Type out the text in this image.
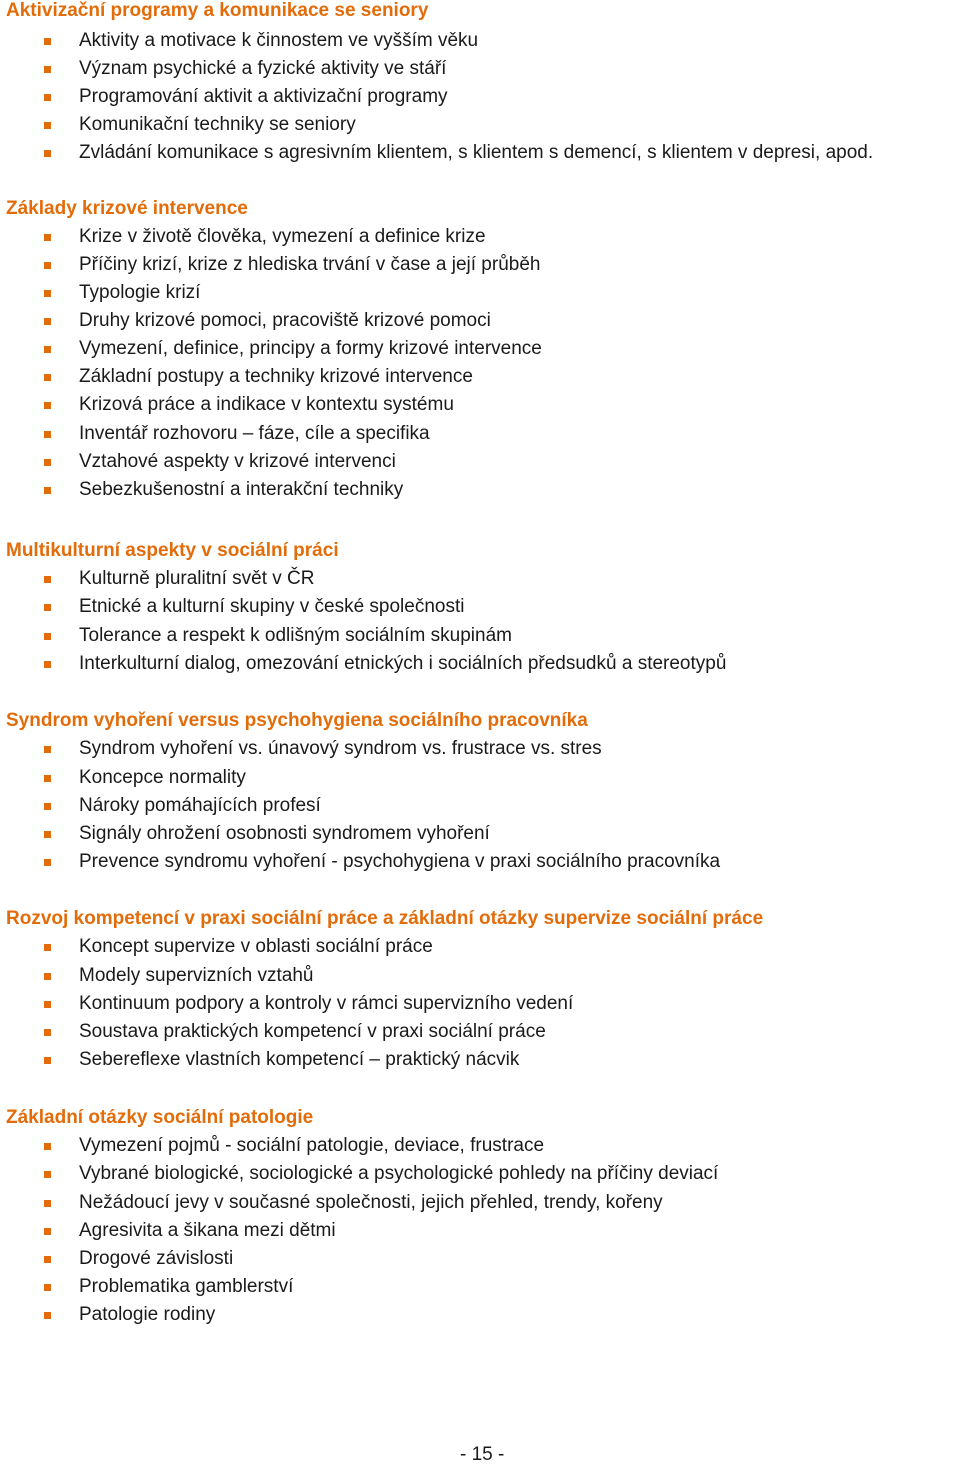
Aktivizační programy a komunikace se seniory
Aktivity a motivace k činnostem ve vyšším věku
Význam psychické a fyzické aktivity ve stáří
Programování aktivit a aktivizační programy
Komunikační techniky se seniory
Zvládání komunikace s agresivním klientem, s klientem s demencí, s klientem v depresi, apod.
Základy krizové intervence
Krize v životě člověka, vymezení a definice krize
Příčiny krizí, krize z hlediska trvání v čase a její průběh
Typologie krizí
Druhy krizové pomoci, pracoviště krizové pomoci
Vymezení, definice, principy a formy krizové intervence
Základní postupy a techniky krizové intervence
Krizová práce a indikace v kontextu systému
Inventář rozhovoru – fáze, cíle a specifika
Vztahové aspekty v krizové intervenci
Sebezkušenostní a interakční techniky
Multikulturní aspekty v sociální práci
Kulturně pluralitní svět v ČR
Etnické a kulturní skupiny v české společnosti
Tolerance a respekt k odlišným sociálním skupinám
Interkulturní dialog, omezování etnických i sociálních předsudků a stereotypů
Syndrom vyhoření versus psychohygiena sociálního pracovníka
Syndrom vyhoření vs. únavový syndrom vs. frustrace vs. stres
Koncepce normality
Nároky pomáhajících profesí
Signály ohrožení osobnosti syndromem vyhoření
Prevence syndromu vyhoření - psychohygiena v praxi sociálního pracovníka
Rozvoj kompetencí v praxi sociální práce a základní otázky supervize sociální práce
Koncept supervize v oblasti sociální práce
Modely supervizních vztahů
Kontinuum podpory a kontroly v rámci supervizního vedení
Soustava praktických kompetencí v praxi sociální práce
Sebereflexe vlastních kompetencí – praktický nácvik
Základní otázky sociální patologie
Vymezení pojmů - sociální patologie, deviace, frustrace
Vybrané biologické, sociologické a psychologické pohledy na příčiny deviací
Nežádoucí jevy v současné společnosti, jejich přehled, trendy, kořeny
Agresivita a šikana mezi dětmi
Drogové závislosti
Problematika gamblerství
Patologie rodiny
- 15 -
